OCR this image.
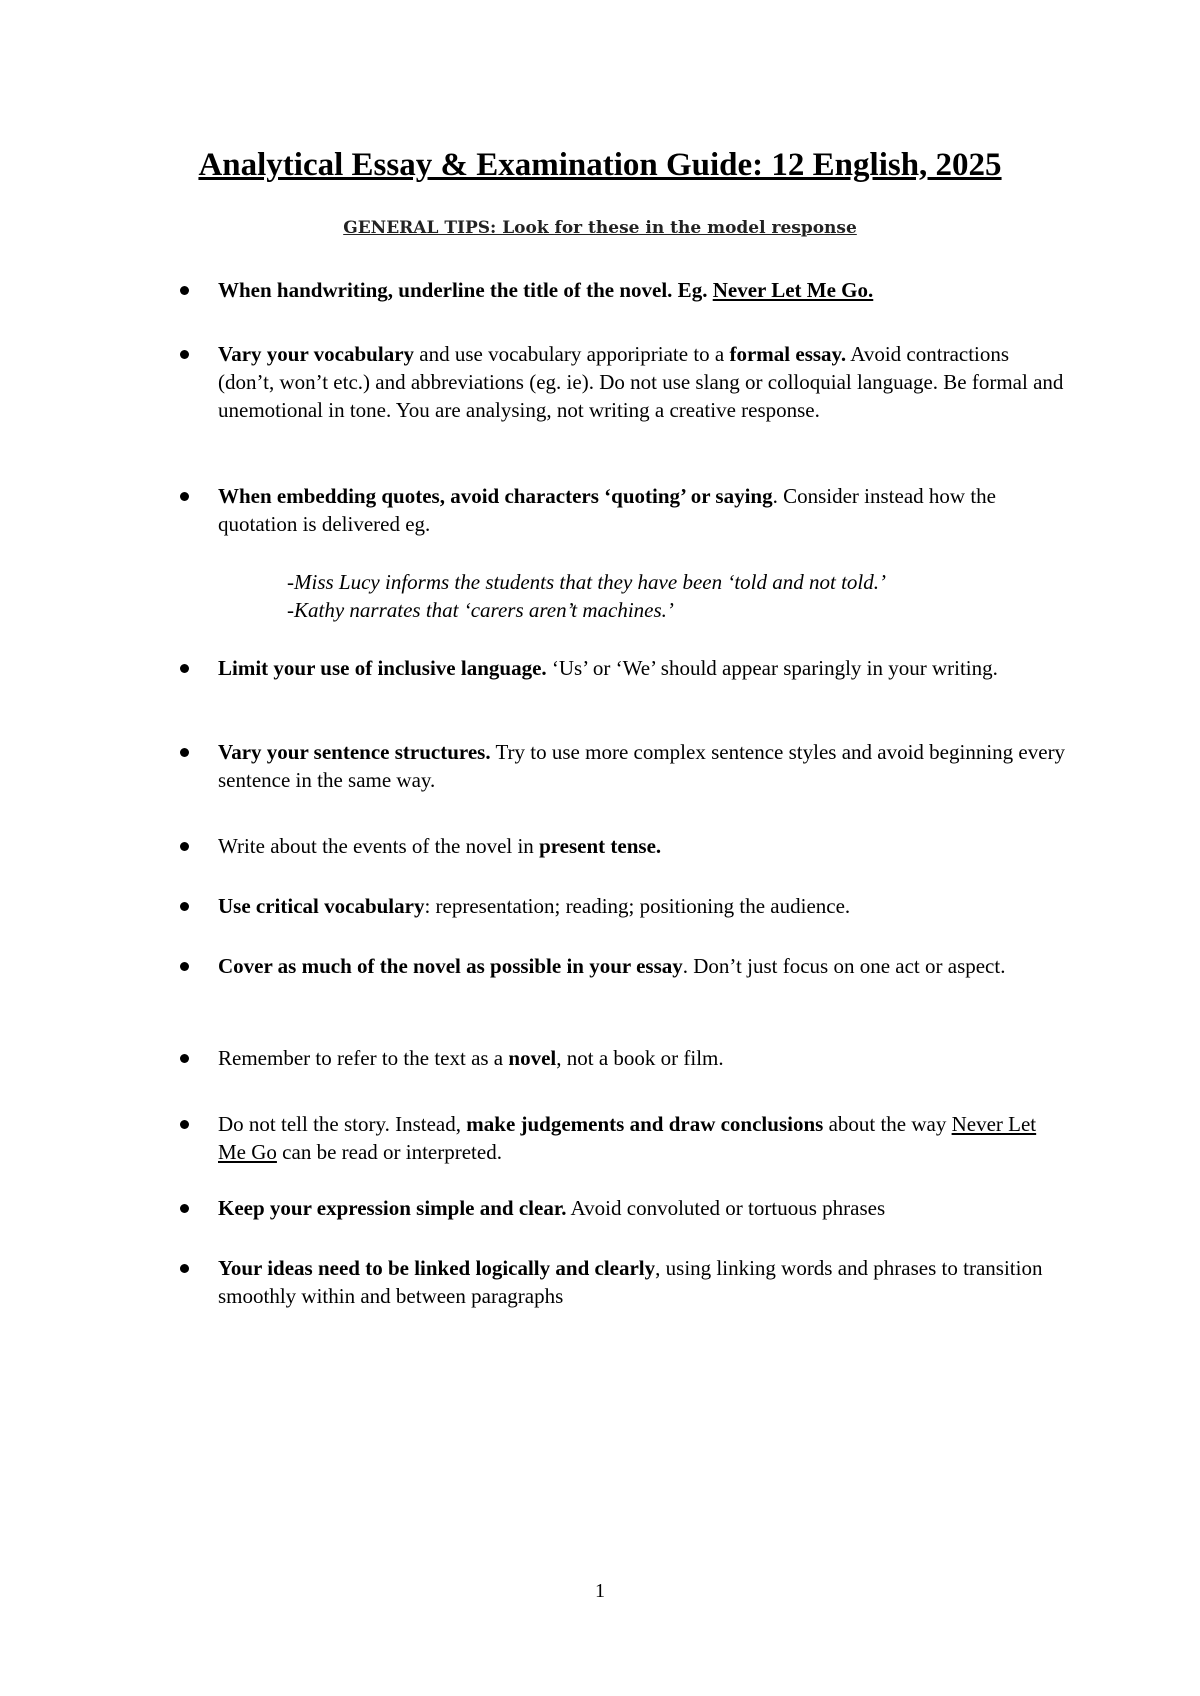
Analytical Essay & Examination Guide: 12 English, 2025

GENERAL TIPS: Look for these in the model response

When handwriting, underline the title of the novel. Eg. Never Let Me Go.

Vary your vocabulary and use vocabulary apporipriate to a formal essay. Avoid contractions (don’t, won’t etc.) and abbreviations (eg. ie). Do not use slang or colloquial language. Be formal and unemotional in tone. You are analysing, not writing a creative response.

When embedding quotes, avoid characters ‘quoting’ or saying. Consider instead how the quotation is delivered eg.

-Miss Lucy informs the students that they have been ‘told and not told.’
-Kathy narrates that ‘carers aren’t machines.’

Limit your use of inclusive language. ‘Us’ or ‘We’ should appear sparingly in your writing.

Vary your sentence structures. Try to use more complex sentence styles and avoid beginning every sentence in the same way.

Write about the events of the novel in present tense.

Use critical vocabulary: representation; reading; positioning the audience.

Cover as much of the novel as possible in your essay. Don’t just focus on one act or aspect.

Remember to refer to the text as a novel, not a book or film.

Do not tell the story. Instead, make judgements and draw conclusions about the way Never Let Me Go can be read or interpreted.

Keep your expression simple and clear. Avoid convoluted or tortuous phrases

Your ideas need to be linked logically and clearly, using linking words and phrases to transition smoothly within and between paragraphs

1
